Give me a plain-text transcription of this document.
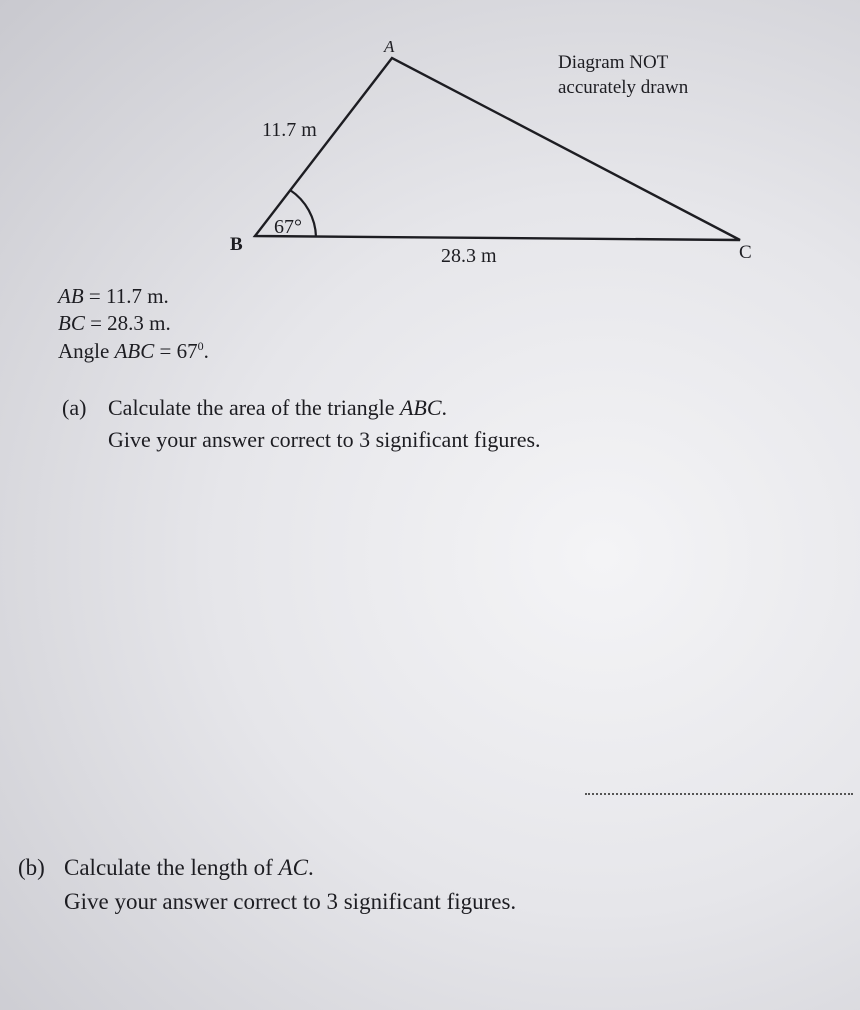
A
B	C
11.7 m
28.3 m
67°
Diagram NOT
accurately drawn
AB = 11.7 m.
BC = 28.3 m.
Angle ABC = $67^0$.
(a) Calculate the area of the triangle ABC.
Give your answer correct to 3 significant figures.
(b) Calculate the length of AC.
Give your answer correct to 3 significant figures.
